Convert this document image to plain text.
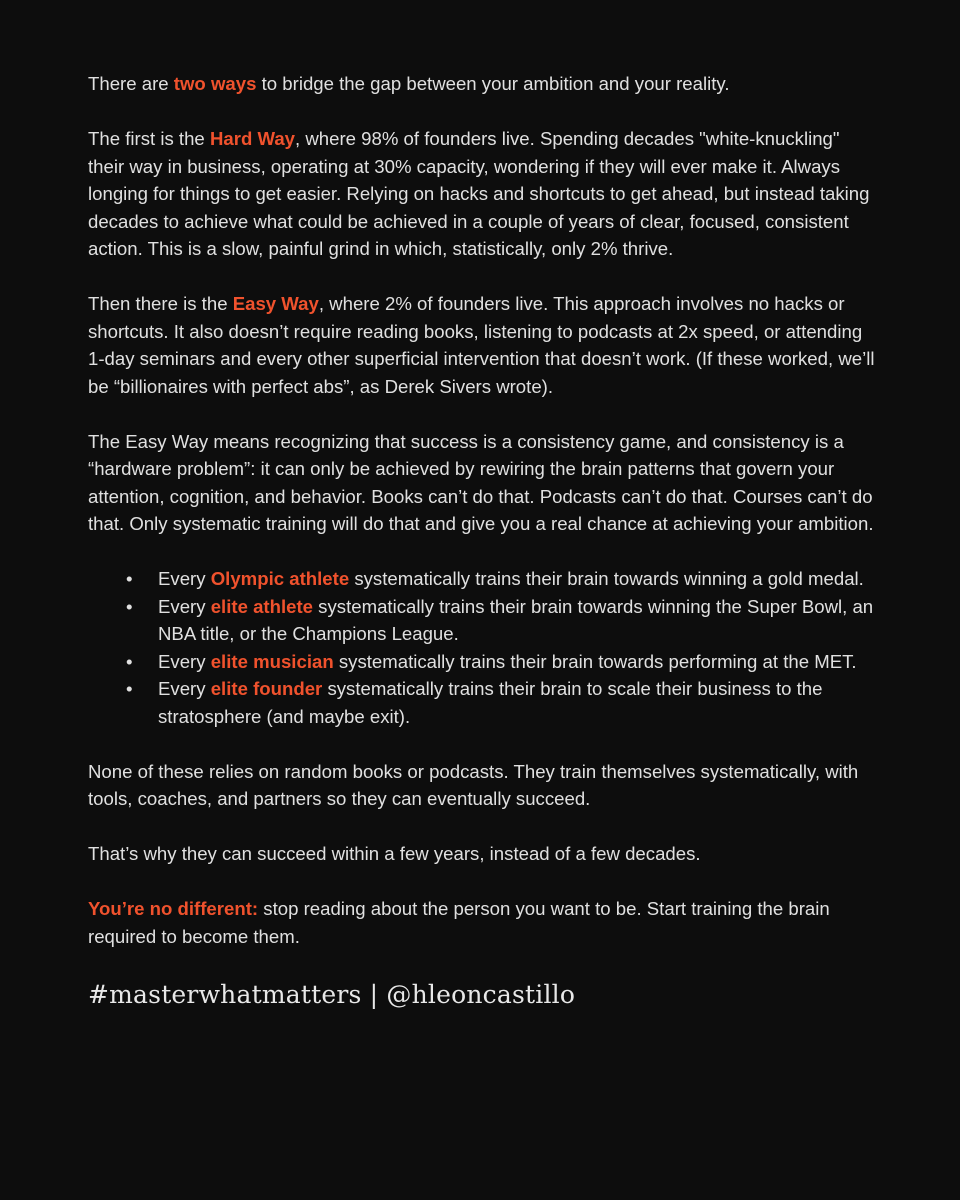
There are two ways to bridge the gap between your ambition and your reality.

The first is the Hard Way, where 98% of founders live. Spending decades "white-knuckling" their way in business, operating at 30% capacity, wondering if they will ever make it. Always longing for things to get easier. Relying on hacks and shortcuts to get ahead, but instead taking decades to achieve what could be achieved in a couple of years of clear, focused, consistent action. This is a slow, painful grind in which, statistically, only 2% thrive.

Then there is the Easy Way, where 2% of founders live. This approach involves no hacks or shortcuts. It also doesn’t require reading books, listening to podcasts at 2x speed, or attending 1-day seminars and every other superficial intervention that doesn’t work. (If these worked, we’ll be “billionaires with perfect abs”, as Derek Sivers wrote).

The Easy Way means recognizing that success is a consistency game, and consistency is a “hardware problem”: it can only be achieved by rewiring the brain patterns that govern your attention, cognition, and behavior. Books can’t do that. Podcasts can’t do that. Courses can’t do that. Only systematic training will do that and give you a real chance at achieving your ambition.

• Every Olympic athlete systematically trains their brain towards winning a gold medal.
• Every elite athlete systematically trains their brain towards winning the Super Bowl, an NBA title, or the Champions League.
• Every elite musician systematically trains their brain towards performing at the MET.
• Every elite founder systematically trains their brain to scale their business to the stratosphere (and maybe exit).

None of these relies on random books or podcasts. They train themselves systematically, with tools, coaches, and partners so they can eventually succeed.

That’s why they can succeed within a few years, instead of a few decades.

You’re no different: stop reading about the person you want to be. Start training the brain required to become them.

#masterwhatmatters | @hleoncastillo
